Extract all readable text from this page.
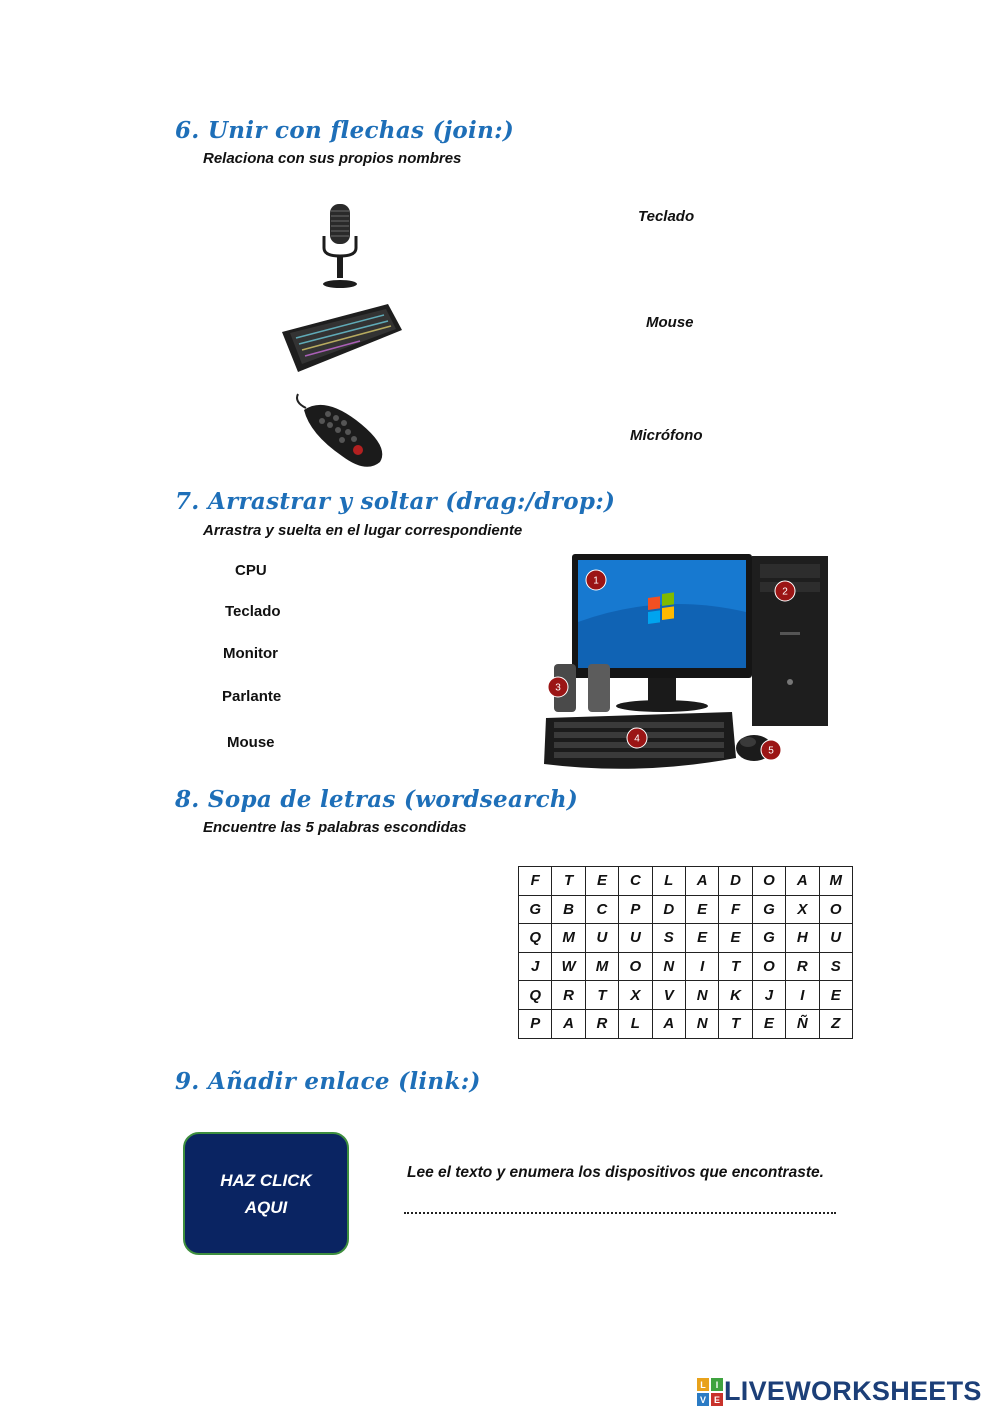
6. Unir con flechas (join:)
Relaciona con sus propios nombres
Teclado
Mouse
Micrófono
7. Arrastrar y soltar (drag:/drop:)
Arrastra y suelta en el lugar correspondiente
CPU
Teclado
Monitor
Parlante
Mouse
1
2
3
4
5
8. Sopa de letras (wordsearch)
Encuentre las 5 palabras escondidas
F	T	E	C	L	A	D	O	A	M
G	B	C	P	D	E	F	G	X	O
Q	M	U	U	S	E	E	G	H	U
J	W	M	O	N	I	T	O	R	S
Q	R	T	X	V	N	K	J	I	E
P	A	R	L	A	N	T	E	Ñ	Z
9. Añadir enlace (link:)
HAZ CLICK AQUI
Lee el texto y enumera los dispositivos que encontraste.
L I
V E LIVEWORKSHEETS
